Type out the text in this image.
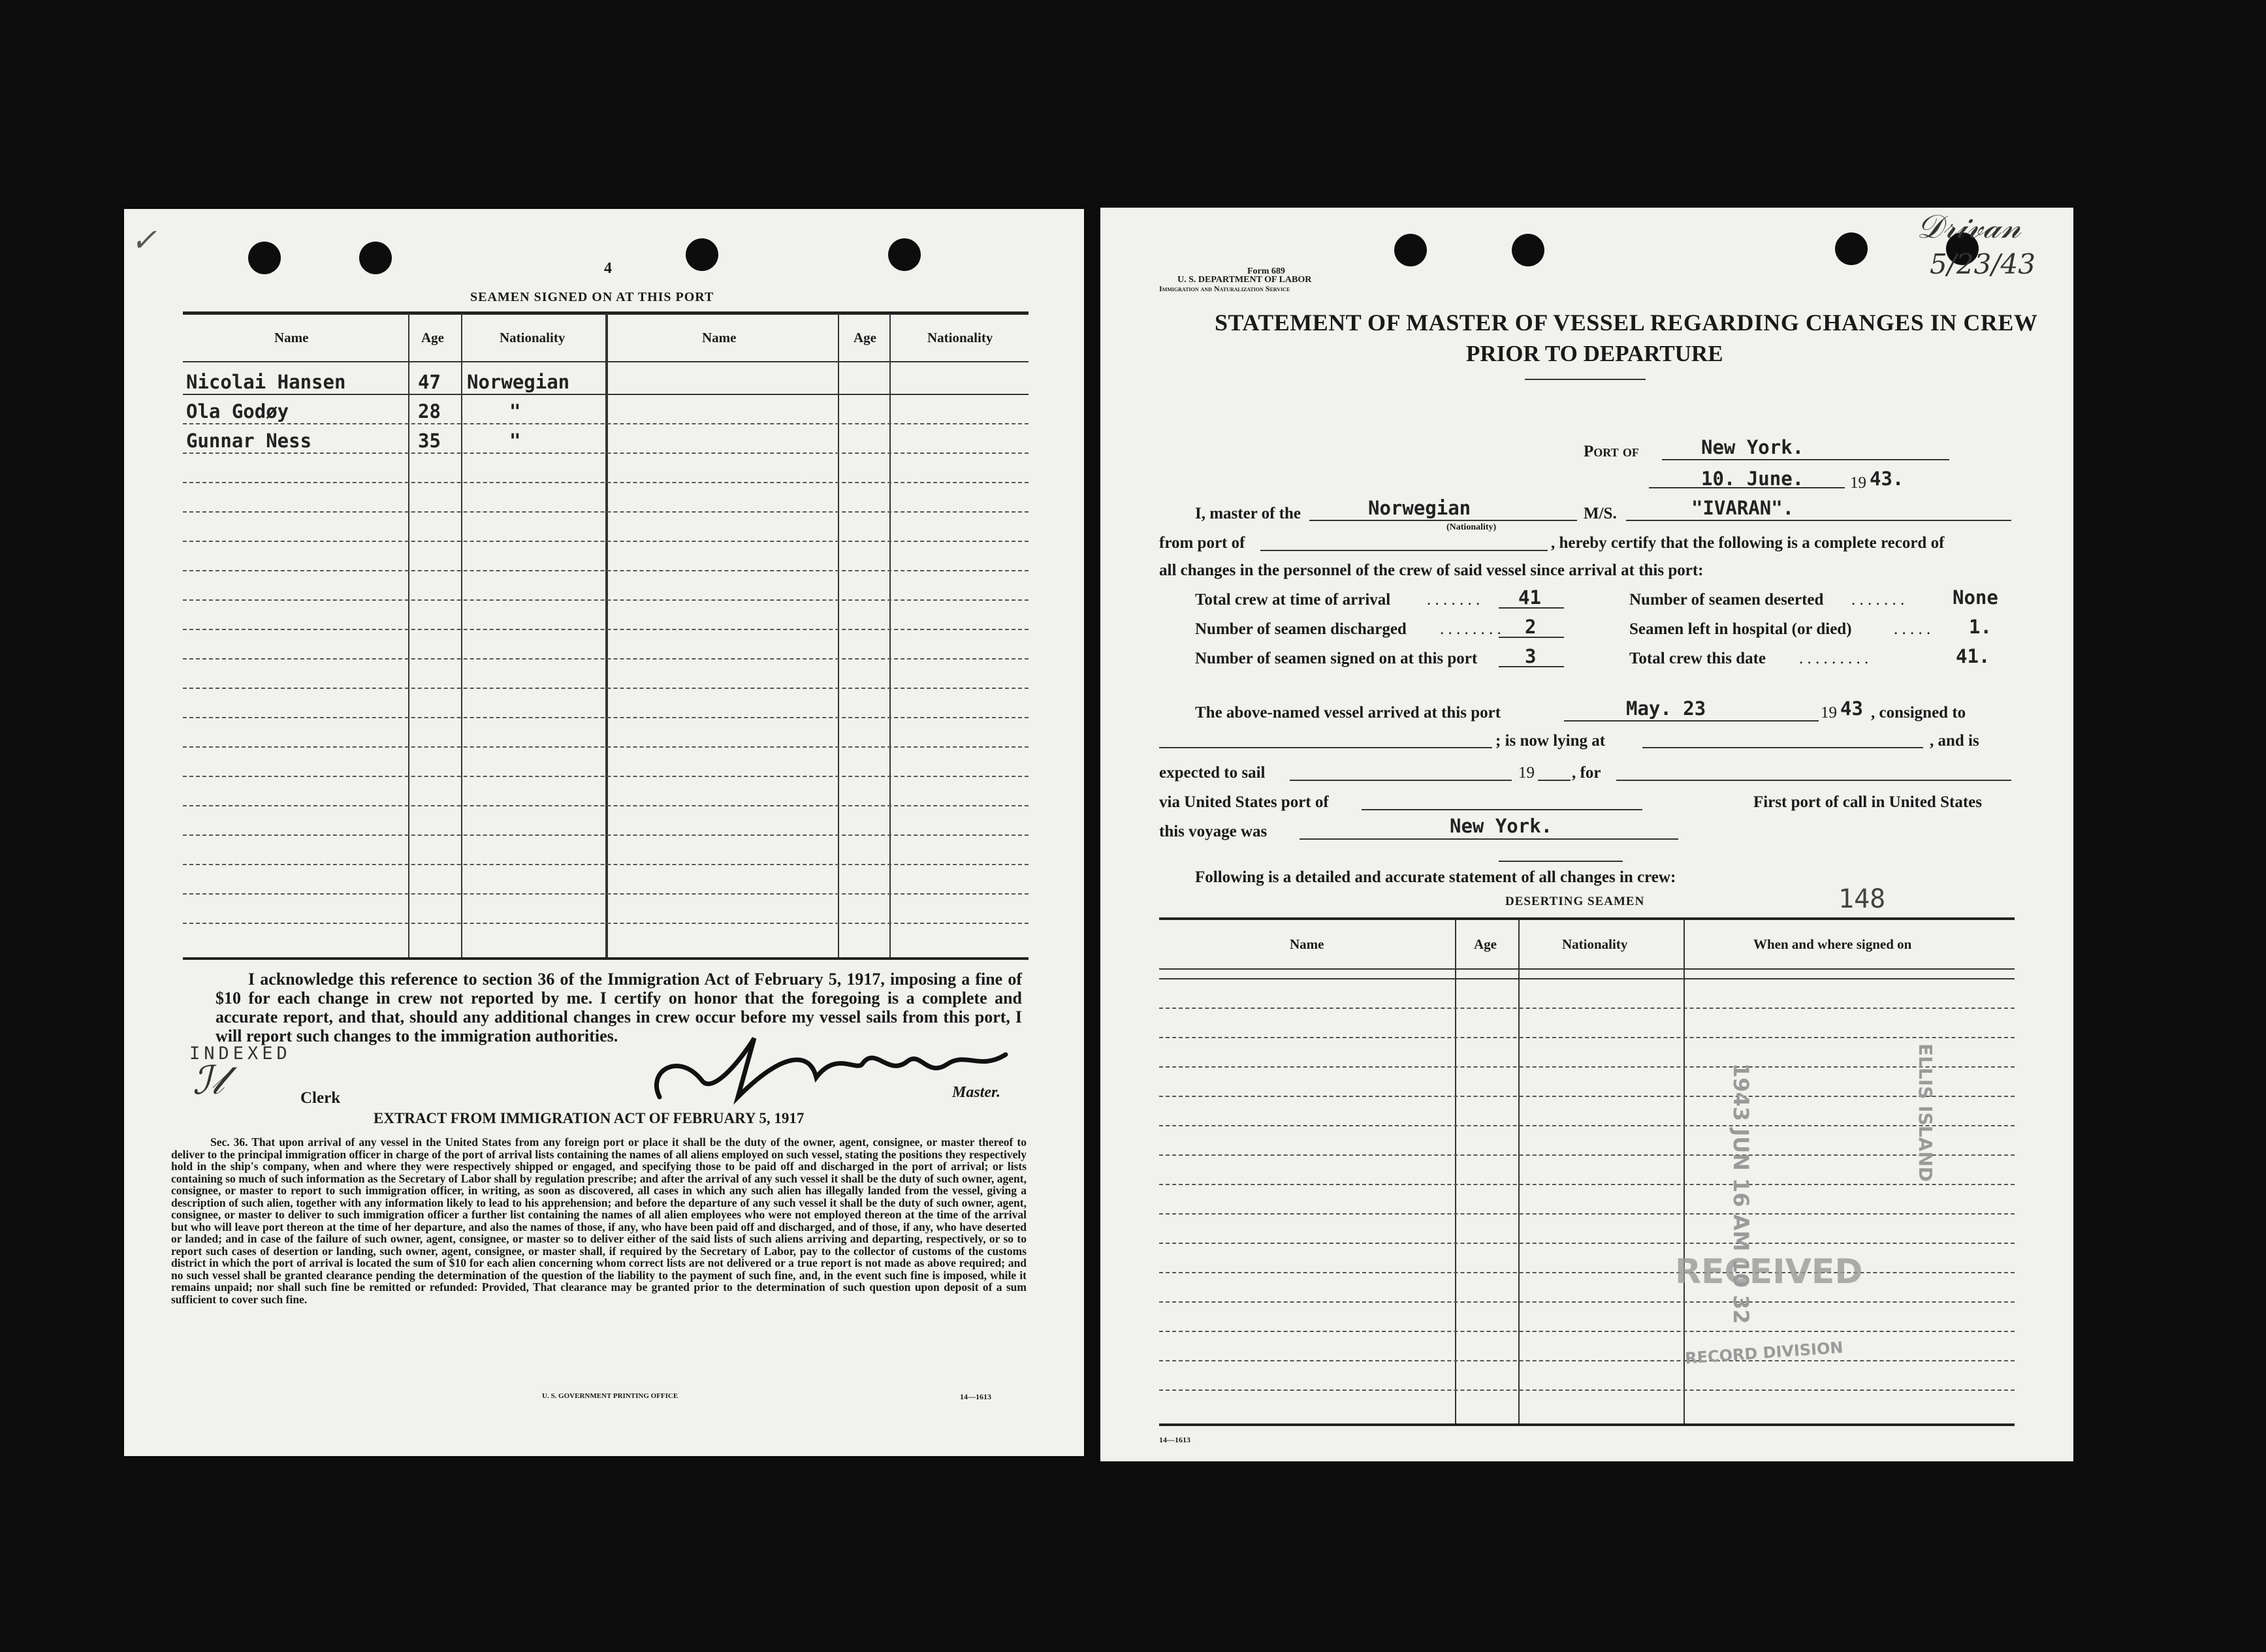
✓
4
SEAMEN SIGNED ON AT THIS PORT
Name	Age	Nationality	Name	Age	Nationality
Nicolai Hansen	47 Norwegian
Ola Godøy	28	"
Gunnar Ness	35	"
I acknowledge this reference to section 36 of the Immigration Act of February 5, 1917, imposing a fine of $10 for each change in crew not reported by me. I certify on honor that the foregoing is a complete and accurate report, and that, should any additional changes in crew occur before my vessel sails from this port, I will report such changes to the immigration authorities.
INDEXED
ℐ𝓁	Clerk	Master.
EXTRACT FROM IMMIGRATION ACT OF FEBRUARY 5, 1917
Sec. 36. That upon arrival of any vessel in the United States from any foreign port or place it shall be the duty of the owner, agent, consignee, or master thereof to deliver to the principal immigration officer in charge of the port of arrival lists containing the names of all aliens employed on such vessel, stating the positions they respectively hold in the ship's company, when and where they were respectively shipped or engaged, and specifying those to be paid off and discharged in the port of arrival; or lists containing so much of such information as the Secretary of Labor shall by regulation prescribe; and after the arrival of any such vessel it shall be the duty of such owner, agent, consignee, or master to report to such immigration officer, in writing, as soon as discovered, all cases in which any such alien has illegally landed from the vessel, giving a description of such alien, together with any information likely to lead to his apprehension; and before the departure of any such vessel it shall be the duty of such owner, agent, consignee, or master to deliver to such immigration officer a further list containing the names of all alien employees who were not employed thereon at the time of the arrival but who will leave port thereon at the time of her departure, and also the names of those, if any, who have been paid off and discharged, and of those, if any, who have deserted or landed; and in case of the failure of such owner, agent, consignee, or master so to deliver either of the said lists of such aliens arriving and departing, respectively, or so to report such cases of desertion or landing, such owner, agent, consignee, or master shall, if required by the Secretary of Labor, pay to the collector of customs of the customs district in which the port of arrival is located the sum of $10 for each alien concerning whom correct lists are not delivered or a true report is not made as above required; and no such vessel shall be granted clearance pending the determination of the question of the liability to the payment of such fine, and, in the event such fine is imposed, while it remains unpaid; nor shall such fine be remitted or refunded: Provided, That clearance may be granted prior to the determination of such question upon deposit of a sum sufficient to cover such fine.
U. S. GOVERNMENT PRINTING OFFICE	14—1613
𝒟𝓇𝒾𝓋𝒶𝓃
5/23/43
Form 689
U. S. DEPARTMENT OF LABOR
Immigration and Naturalization Service
STATEMENT OF MASTER OF VESSEL REGARDING CHANGES IN CREW
PRIOR TO DEPARTURE
Port of	New York.
10. June.	19 43.
I, master of the	Norwegian
(Nationality)
M/S.	"IVARAN".
from port of	, hereby certify that the following is a complete record of
all changes in the personnel of the crew of said vessel since arrival at this port:
Total crew at time of arrival . . . . . . . 41	Number of seamen deserted . . . . . . .	None
Number of seamen discharged . . . . . . . . 2	Seamen left in hospital (or died)	. . . . . 1.
Number of seamen signed on at this port	3	Total crew this date . . . . . . . . .	41.
The above-named vessel arrived at this port	May. 23	19 43 , consigned to
; is now lying at	, and is
expected to sail	19 , for
via United States port of	First port of call in United States
this voyage was	New York.
Following is a detailed and accurate statement of all changes in crew:
DESERTING SEAMEN	148
Name	Age	Nationality	When and where signed on
1943 JUN 16 AM 10 32	ELLIS ISLAND
RECEIVED
RECORD DIVISION
14—1613
